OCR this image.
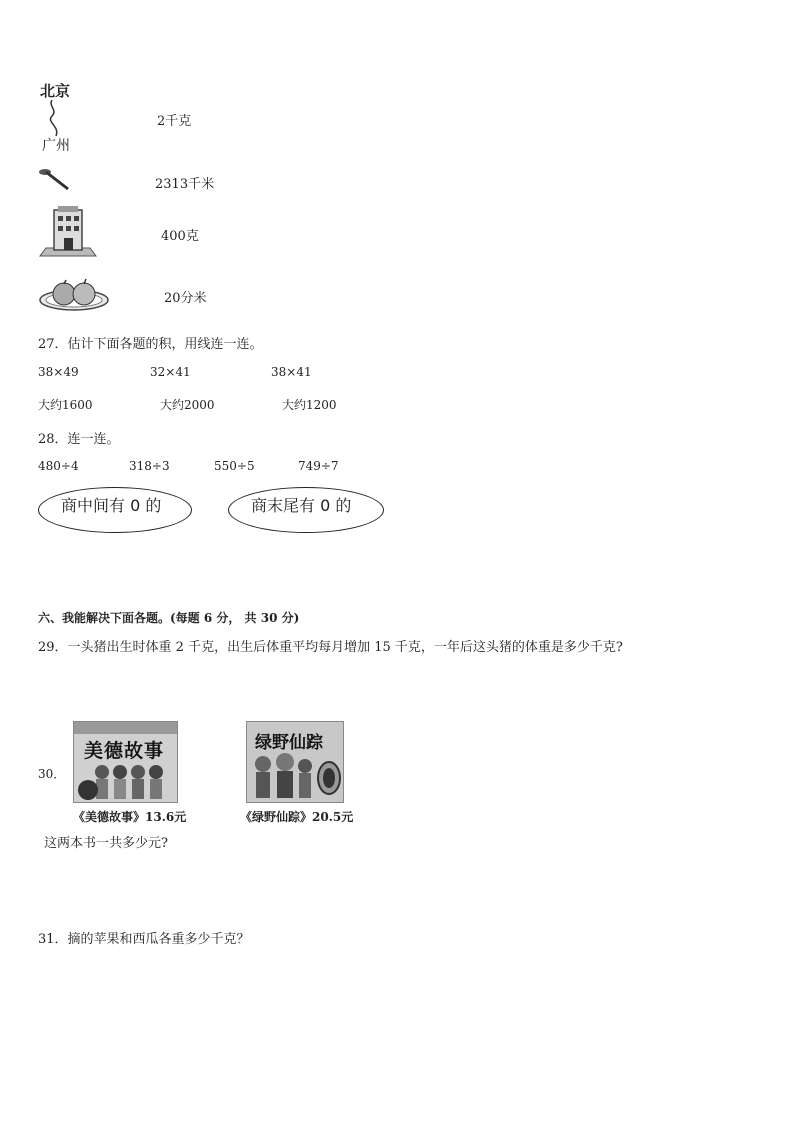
北京
广州
2千克
2313千米
400克
20分米
27．估计下面各题的积，用线连一连。
38×49	32×41	38×41
大约1600	大约2000	大约1200
28．连一连。
480÷4	318÷3	550÷5	749÷7
商中间有 0 的	商末尾有 0 的
六、我能解决下面各题。(每题 6 分， 共 30 分)
29．一头猪出生时体重 2 千克，出生后体重平均每月增加 15 千克，一年后这头猪的体重是多少千克?
30．
美德故事
《美德故事》13.6元
绿野仙踪
《绿野仙踪》20.5元
这两本书一共多少元?
31．摘的苹果和西瓜各重多少千克？
